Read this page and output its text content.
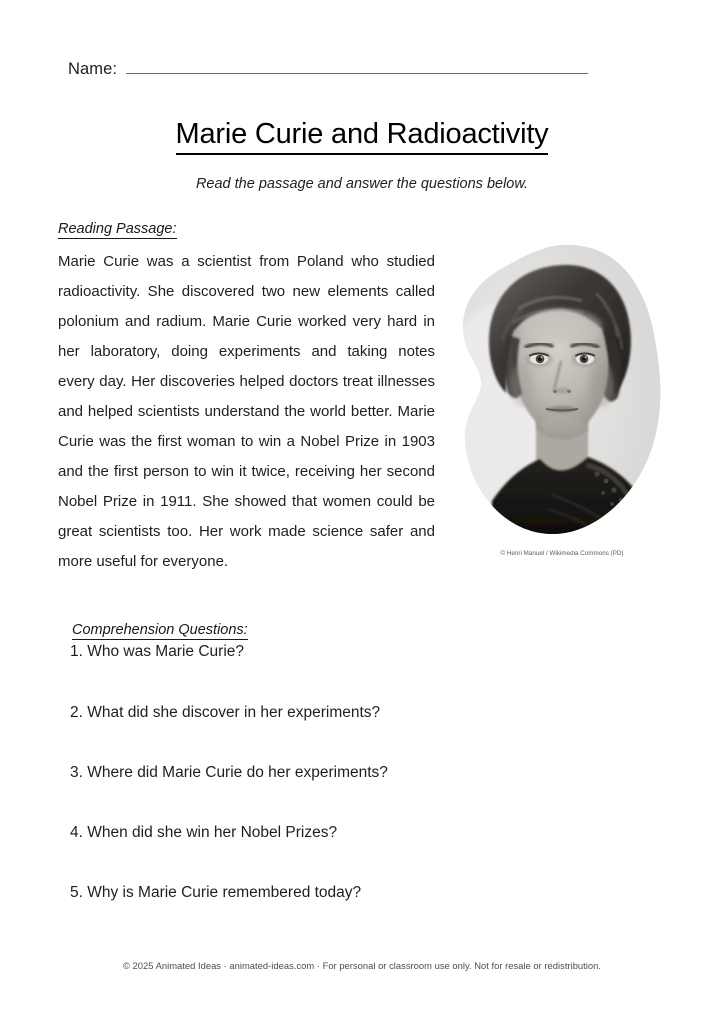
Name:
Marie Curie and Radioactivity
Read the passage and answer the questions below.
Reading Passage:
Marie Curie was a scientist from Poland who studied radioactivity. She discovered two new elements called polonium and radium. Marie Curie worked very hard in her laboratory, doing experiments and taking notes every day. Her discoveries helped doctors treat illnesses and helped scientists understand the world better. Marie Curie was the first woman to win a Nobel Prize in 1903 and the first person to win it twice, receiving her second Nobel Prize in 1911. She showed that women could be great scientists too. Her work made science safer and more useful for everyone.	© Henri Manuel / Wikimedia Commons (PD)
Comprehension Questions:
1. Who was Marie Curie?
2. What did she discover in her experiments?
3. Where did Marie Curie do her experiments?
4. When did she win her Nobel Prizes?
5. Why is Marie Curie remembered today?
© 2025 Animated Ideas · animated-ideas.com · For personal or classroom use only. Not for resale or redistribution.
